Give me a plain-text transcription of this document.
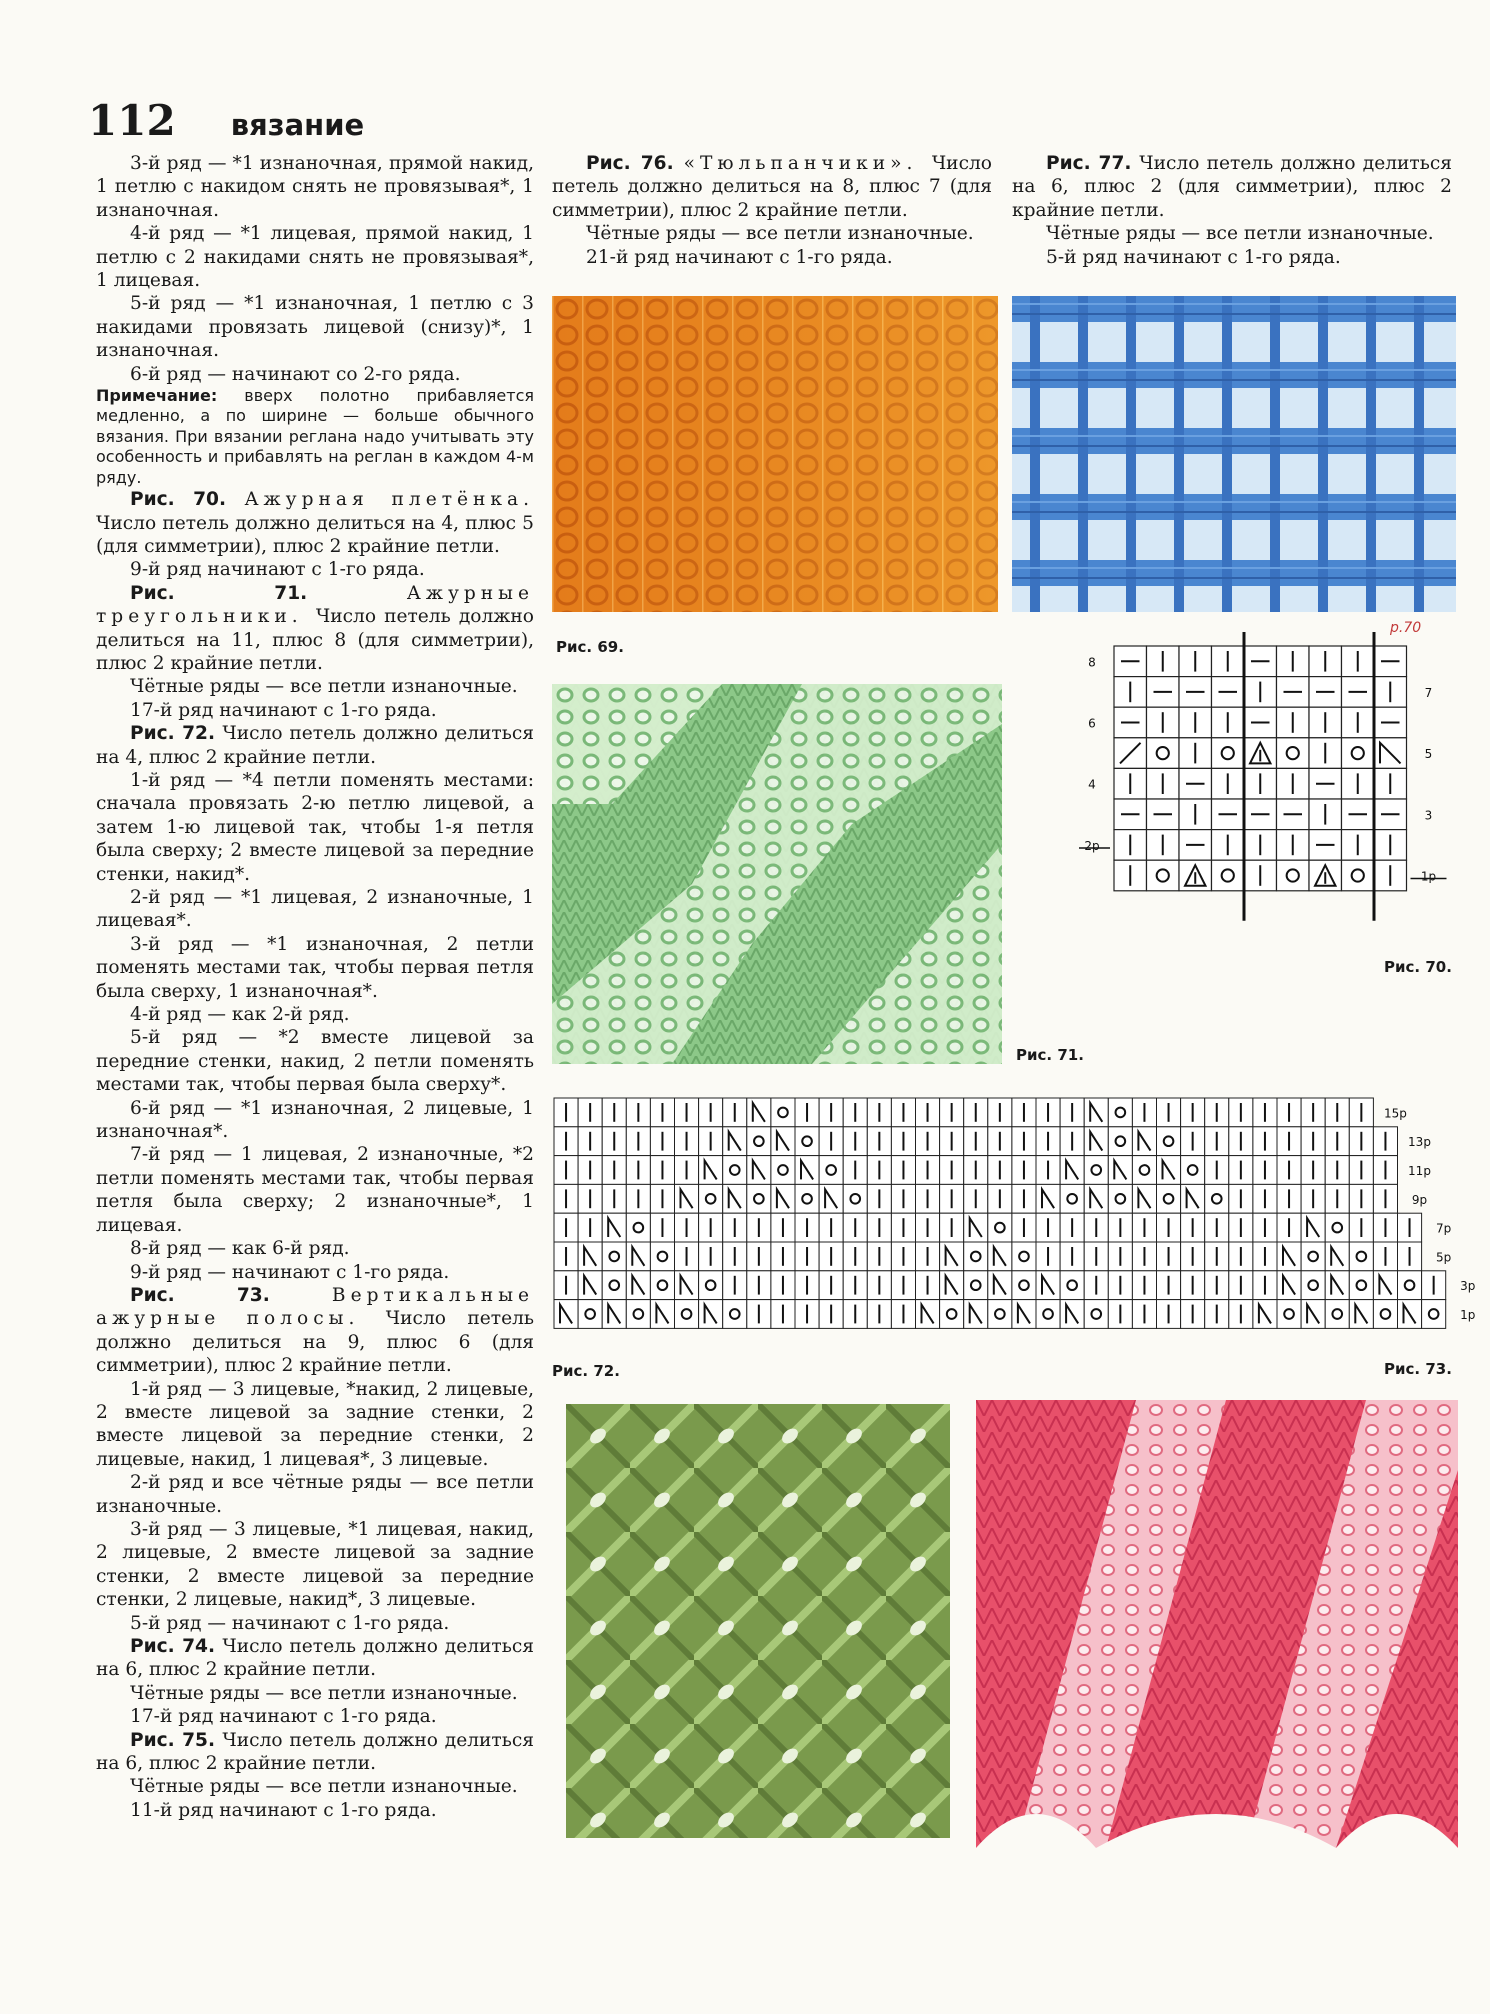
112 вязание

3-й ряд — *1 изнаночная, прямой накид, 1 петлю с накидом снять не провязывая*, 1 изнаночная.

4-й ряд — *1 лицевая, прямой накид, 1 петлю с 2 накидами снять не провязывая*, 1 лицевая.

5-й ряд — *1 изнаночная, 1 петлю с 3 накидами провязать лицевой (снизу)*, 1 изнаночная.

6-й ряд — начинают со 2-го ряда.

Примечание: вверх полотно прибавляется медленно, а по ширине — больше обычного вязания. При вязании реглана надо учитывать эту особенность и прибавлять на реглан в каждом 4-м ряду.

Рис. 70. Ажурная плетёнка. Число петель должно делиться на 4, плюс 5 (для симметрии), плюс 2 крайние петли.

9-й ряд начинают с 1-го ряда.

Рис. 71. Ажурные треугольники. Число петель должно делиться на 11, плюс 8 (для симметрии), плюс 2 крайние петли.

Чётные ряды — все петли изнаночные.

17-й ряд начинают с 1-го ряда.

Рис. 72. Число петель должно делиться на 4, плюс 2 крайние петли.

1-й ряд — *4 петли поменять местами: сначала провязать 2-ю петлю лицевой, а затем 1-ю лицевой так, чтобы 1-я петля была сверху; 2 вместе лицевой за передние стенки, накид*.

2-й ряд — *1 лицевая, 2 изнаночные, 1 лицевая*.

3-й ряд — *1 изнаночная, 2 петли поменять местами так, чтобы первая петля была сверху, 1 изнаночная*.

4-й ряд — как 2-й ряд.

5-й ряд — *2 вместе лицевой за передние стенки, накид, 2 петли поменять местами так, чтобы первая была сверху*.

6-й ряд — *1 изнаночная, 2 лицевые, 1 изнаночная*.

7-й ряд — 1 лицевая, 2 изнаночные, *2 петли поменять местами так, чтобы первая петля была сверху; 2 изнаночные*, 1 лицевая.

8-й ряд — как 6-й ряд.

9-й ряд — начинают с 1-го ряда.

Рис. 73. Вертикальные ажурные полосы. Число петель должно делиться на 9, плюс 6 (для симметрии), плюс 2 крайние петли.

1-й ряд — 3 лицевые, *накид, 2 лицевые, 2 вместе лицевой за задние стенки, 2 вместе лицевой за передние стенки, 2 лицевые, накид, 1 лицевая*, 3 лицевые.

2-й ряд и все чётные ряды — все петли изнаночные.

3-й ряд — 3 лицевые, *1 лицевая, накид, 2 лицевые, 2 вместе лицевой за задние стенки, 2 вместе лицевой за передние стенки, 2 лицевые, накид*, 3 лицевые.

5-й ряд — начинают с 1-го ряда.

Рис. 74. Число петель должно делиться на 6, плюс 2 крайние петли.

Чётные ряды — все петли изнаночные.

17-й ряд начинают с 1-го ряда.

Рис. 75. Число петель должно делиться на 6, плюс 2 крайние петли.

Чётные ряды — все петли изнаночные.

11-й ряд начинают с 1-го ряда.

Рис. 76. «Тюльпанчики». Число петель должно делиться на 8, плюс 7 (для симметрии), плюс 2 крайние петли.

Чётные ряды — все петли изнаночные.

21-й ряд начинают с 1-го ряда.

Рис. 77. Число петель должно делиться на 6, плюс 2 (для симметрии), плюс 2 крайние петли.

Чётные ряды — все петли изнаночные.

5-й ряд начинают с 1-го ряда.

8
6
4
2р
7
5
3
1р
15р
13р
11р
9р
7р
5р
3р
1р
Рис. 69.
Рис. 70.
Рис. 71.
Рис. 72.	Рис. 73.
р.70
